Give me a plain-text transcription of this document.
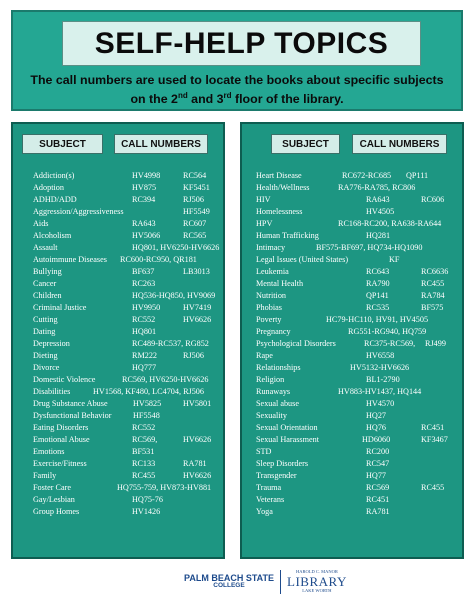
SELF-HELP TOPICS
The call numbers are used to locate the books about specific subjects
on the 2nd and 3rd floor of the library.
SUBJECT	CALL NUMBERS
Addiction(s)	HV4998	RC564
Adoption	HV875	KF5451
ADHD/ADD	RC394	RJ506
Aggression/Aggressiveness	HF5549
Aids	RA643	RC607
Alcoholism	HV5066	RC565
Assault	HQ801, HV6250-HV6626
Autoimmune Diseases RC600-RC950, QR181
Bullying	BF637	LB3013
Cancer	RC263
Children	HQ536-HQ850, HV9069
Criminal Justice	HV9950	HV7419
Cutting	RC552	HV6626
Dating	HQ801
Depression	RC489-RC537, RG852
Dieting	RM222	RJ506
Divorce	HQ777
Domestic Violence	RC569, HV6250-HV6626
Disabilities	HV1568, KF480, LC4704, RJ506
Drug Substance Abuse	HV5825	HV5801
Dysfunctional Behavior	HF5548
Eating Disorders	RC552
Emotional Abuse	RC569,	HV6626
Emotions	BF531
Exercise/Fitness	RC133	RA781
Family	RC455	HV6626
Foster Care	HQ755-759, HV873-HV881
Gay/Lesbian	HQ75-76
Group Homes	HV1426
SUBJECT	CALL NUMBERS
Heart Disease	RC672-RC685 QP111
Health/Wellness	RA776-RA785, RC806
HIV	RA643	RC606
Homelessness	HV4505
HPV	RC168-RC200, RA638-RA644
Human Trafficking	HQ281
Intimacy	BF575-BF697, HQ734-HQ1090
Legal Issues (United States)	KF
Leukemia	RC643	RC6636
Mental Health	RA790	RC455
Nutrition	QP141	RA784
Phobias	RC535	BF575
Poverty	HC79-HC110, HV91, HV4505
Pregnancy	RG551-RG940, HQ759
Psychological Disorders	RC375-RC569, RJ499
Rape	HV6558
Relationships	HV5132-HV6626
Religion	BL1-2790
Runaways	HV883-HV1437, HQ144
Sexual abuse	HV4570
Sexuality	HQ27
Sexual Orientation	HQ76	RC451
Sexual Harassment	HD6060	KF3467
STD	RC200
Sleep Disorders	RC547
Transgender	HQ77
Trauma	RC569	RC455
Veterans	RC451
Yoga	RA781
PALM BEACH STATE
COLLEGE
HAROLD C. MANOR
LIBRARY
LAKE WORTH
